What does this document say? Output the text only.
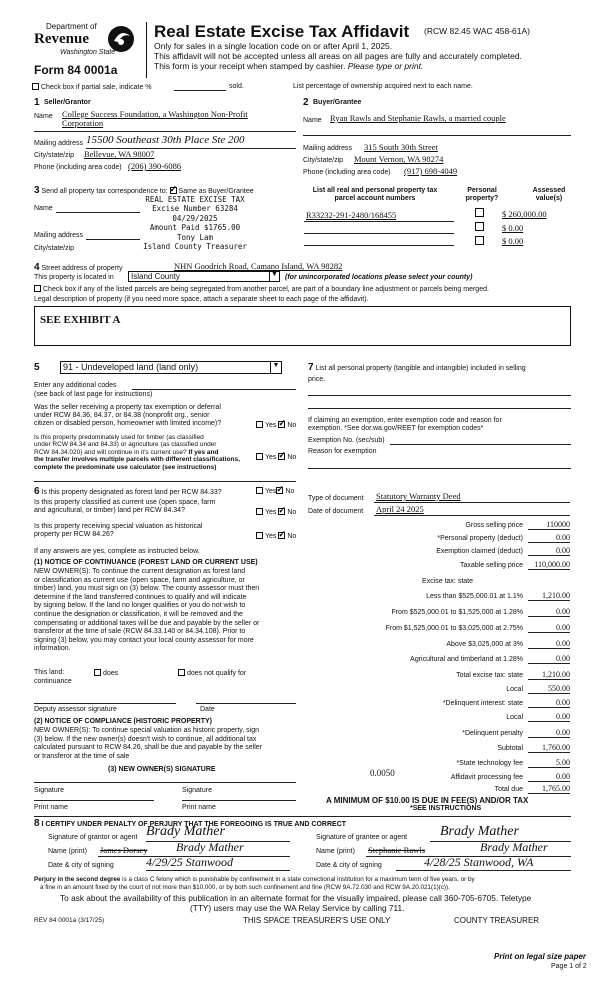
Department of
Revenue
Washington State
Form 84 0001a
Real Estate Excise Tax Affidavit (RCW 82.45 WAC 458-61A)
Only for sales in a single location code on or after April 1, 2025.
This affidavit will not be accepted unless all areas on all pages are fully and accurately completed.
This form is your receipt when stamped by cashier. Please type or print.
Check box if partial sale, indicate %	sold.	List percentage of ownership acquired next to each name.
1 Seller/Grantor
Name College Success Foundation, a Washington Non-Profit
Corporation
Mailing address 15500 Southeast 30th Place Ste 200
City/state/zip Bellevue, WA 98007
Phone (including area code) (206) 390-6086
2 Buyer/Grantee
Name Ryan Rawls and Stephanie Rawls, a married couple
Mailing address 315 South 30th Street
City/state/zip Mount Vernon, WA 98274
Phone (including area code) (917) 698-4049
3 Send all property tax correspondence to: ✓ Same as Buyer/Grantee
Name
Mailing address
City/state/zip
REAL ESTATE EXCISE TAX
Excise Number 63284
04/29/2025
Amount Paid $1765.00
Tony Lam
Island County Treasurer
List all real and personal property tax
parcel account numbers
Personal property?
Assessed value(s)
R33232-291-2480/168455	$ 260,000.00
$ 0.00
$ 0.00
4 Street address of property	NHN Goodrich Road, Camano Island, WA 98282
This property is located in	Island County	▼ (for unincorporated locations please select your county)
Check box if any of the listed parcels are being segregated from another parcel, are part of a boundary line adjustment or parcels being merged.
Legal description of property (if you need more space, attach a separate sheet to each page of the affidavit).
SEE EXHIBIT A
5	91 - Undeveloped land (land only)	▼
Enter any additional codes
(see back of last page for instructions)
Was the seller receiving a property tax exemption or deferral
under RCW 84.36, 84.37, or 84.38 (nonprofit org., senior
citizen or disabled person, homeowner with limited income)?	Yes ✓ No
Is this property predominately used for timber (as classified
under RCW 84.34 and 84.33) or agriculture (as classified under
RCW 84.34.020) and will continue in it's current use? If yes and
the transfer involves multiple parcels with different classifications,
complete the predominate use calculator (see instructions)
Yes ✓ No
6 Is this property designated as forest land per RCW 84.33?	Yes ✓ No
Is this property classified as current use (open space, farm
and agricultural, or timber) land per RCW 84.34?	Yes ✓ No
Is this property receiving special valuation as historical
property per RCW 84.26?	Yes ✓ No
If any answers are yes, complete as instructed below.
(1) NOTICE OF CONTINUANCE (FOREST LAND OR CURRENT USE)
NEW OWNER(S): To continue the current designation as forest land
or classification as current use (open space, farm and agriculture, or
timber) land, you must sign on (3) below. The county assessor must then
determine if the land transferred continues to qualify and will indicate
by signing below. If the land no longer qualifies or you do not wish to
continue the designation or classification, it will be removed and the
compensating or additional taxes will be due and payable by the seller or
transferor at the time of sale (RCW 84.33.140 or 84.34.108). Prior to
signing (3) below, you may contact your local county assessor for more
information.
This land:	does	does not qualify for
continuance
Deputy assessor signature	Date
(2) NOTICE OF COMPLIANCE (HISTORIC PROPERTY)
NEW OWNER(S): To continue special valuation as historic property, sign
(3) below. If the new owner(s) doesn't wish to continue, all additional tax
calculated pursuant to RCW 84.26, shall be due and payable by the seller
or transferor at the time of sale
(3) NEW OWNER(S) SIGNATURE
Signature	Signature
Print name	Print name
7 List all personal property (tangible and intangible) included in selling
price.
If claiming an exemption, enter exemption code and reason for
exemption. *See dor.wa.gov/REET for exemption codes*
Exemption No. (sec/sub)
Reason for exemption
Type of document Statutory Warranty Deed
Date of document April 24 2025
Gross selling price	110000
*Personal property (deduct)	0.00
Exemption claimed (deduct)	0.00
Taxable selling price	110,000.00
Excise tax: state
Less than $525,000.01 at 1.1%	1,210.00
From $525,000.01 to $1,525,000 at 1.28%	0.00
From $1,525,000.01 to $3,025,000 at 2.75%	0.00
Above $3,025,000 at 3%	0.00
Agricultural and timberland at 1.28%	0.00
Total excise tax: state	1,210.00
Local	550.00
*Delinquent interest: state	0.00
Local	0.00
*Delinquent penalty	0.00
Subtotal	1,760.00
*State technology fee	5.00
Affidavit processing fee	0.00
Total due	1,765.00
0.0050
A MINIMUM OF $10.00 IS DUE IN FEE(S) AND/OR TAX
*SEE INSTRUCTIONS
8 I CERTIFY UNDER PENALTY OF PERJURY THAT THE FOREGOING IS TRUE AND CORRECT
Signature of grantor or agent Brady Mather
Name (print) James Dorsey Brady Mather
Date & city of signing	4/29/25 Stanwood
Signature of grantee or agent Brady Mather
Name (print) Stephanie Rawls	Brady Mather
Date & city of signing	4/28/25 Stanwood, WA
Perjury in the second degree is a class C felony which is punishable by confinement in a state correctional institution for a maximum term of five years, or by
a fine in an amount fixed by the court of not more than $10,000, or by both such confinement and fine (RCW 9A.72.030 and RCW 9A.20.021(1)(c)).
To ask about the availability of this publication in an alternate format for the visually impaired, please call 360-705-6705. Teletype
(TTY) users may use the WA Relay Service by calling 711.
REV 84 0001a (3/17/25)	THIS SPACE TREASURER'S USE ONLY	COUNTY TREASURER
Print on legal size paper
Page 1 of 2
